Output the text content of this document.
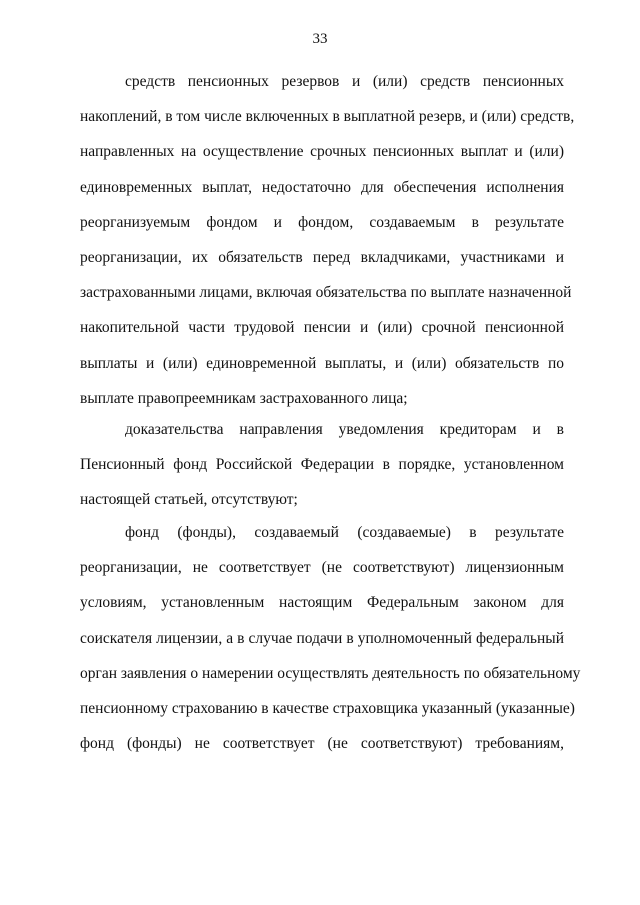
33
средств пенсионных резервов и (или) средств пенсионных
накоплений, в том числе включенных в выплатной резерв, и (или) средств,
направленных на осуществление срочных пенсионных выплат и (или)
единовременных выплат, недостаточно для обеспечения исполнения
реорганизуемым фондом и фондом, создаваемым в результате
реорганизации, их обязательств перед вкладчиками, участниками и
застрахованными лицами, включая обязательства по выплате назначенной
накопительной части трудовой пенсии и (или) срочной пенсионной
выплаты и (или) единовременной выплаты, и (или) обязательств по
выплате правопреемникам застрахованного лица;
доказательства направления уведомления кредиторам и в
Пенсионный фонд Российской Федерации в порядке, установленном
настоящей статьей, отсутствуют;
фонд (фонды), создаваемый (создаваемые) в результате
реорганизации, не соответствует (не соответствуют) лицензионным
условиям, установленным настоящим Федеральным законом для
соискателя лицензии, а в случае подачи в уполномоченный федеральный
орган заявления о намерении осуществлять деятельность по обязательному
пенсионному страхованию в качестве страховщика указанный (указанные)
фонд (фонды) не соответствует (не соответствуют) требованиям,
